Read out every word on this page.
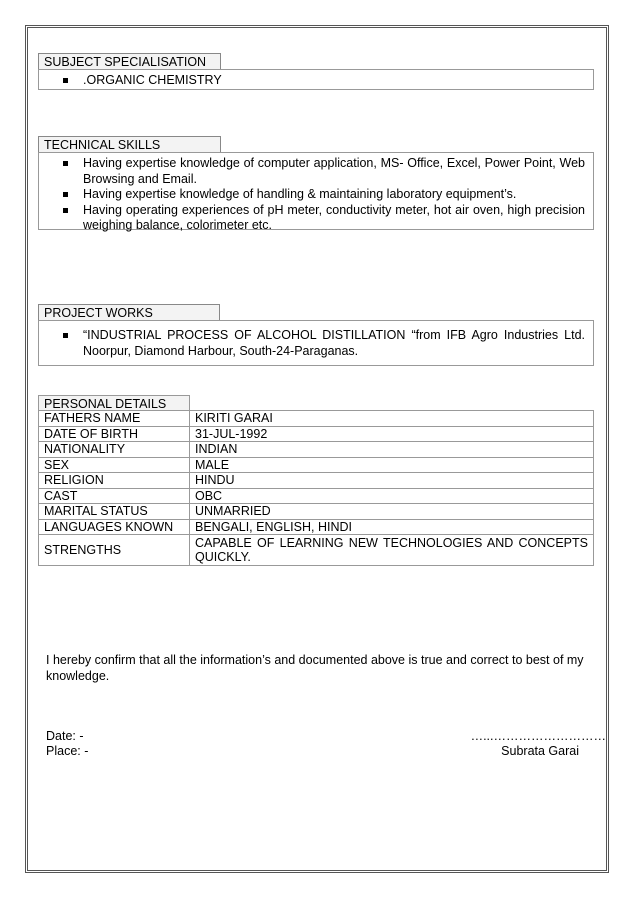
SUBJECT SPECIALISATION
.ORGANIC CHEMISTRY
TECHNICAL SKILLS
Having expertise knowledge of computer application, MS- Office, Excel, Power Point, Web Browsing and Email.
Having expertise knowledge of handling & maintaining laboratory equipment’s.
Having operating experiences of pH meter, conductivity meter, hot air oven, high precision weighing balance, colorimeter etc.
PROJECT WORKS
“INDUSTRIAL PROCESS OF ALCOHOL DISTILLATION “from IFB Agro Industries Ltd. Noorpur, Diamond Harbour, South-24-Paraganas.
PERSONAL DETAILS
FATHERS NAME	KIRITI GARAI
DATE OF BIRTH	31-JUL-1992
NATIONALITY	INDIAN
SEX	MALE
RELIGION	HINDU
CAST	OBC
MARITAL STATUS	UNMARRIED
LANGUAGES KNOWN	BENGALI, ENGLISH, HINDI
STRENGTHS	CAPABLE OF LEARNING NEW TECHNOLOGIES AND CONCEPTS QUICKLY.
I hereby confirm that all the information’s and documented above is true and correct to best of my knowledge.
Date: -
Place: -
…...………………………
Subrata Garai
